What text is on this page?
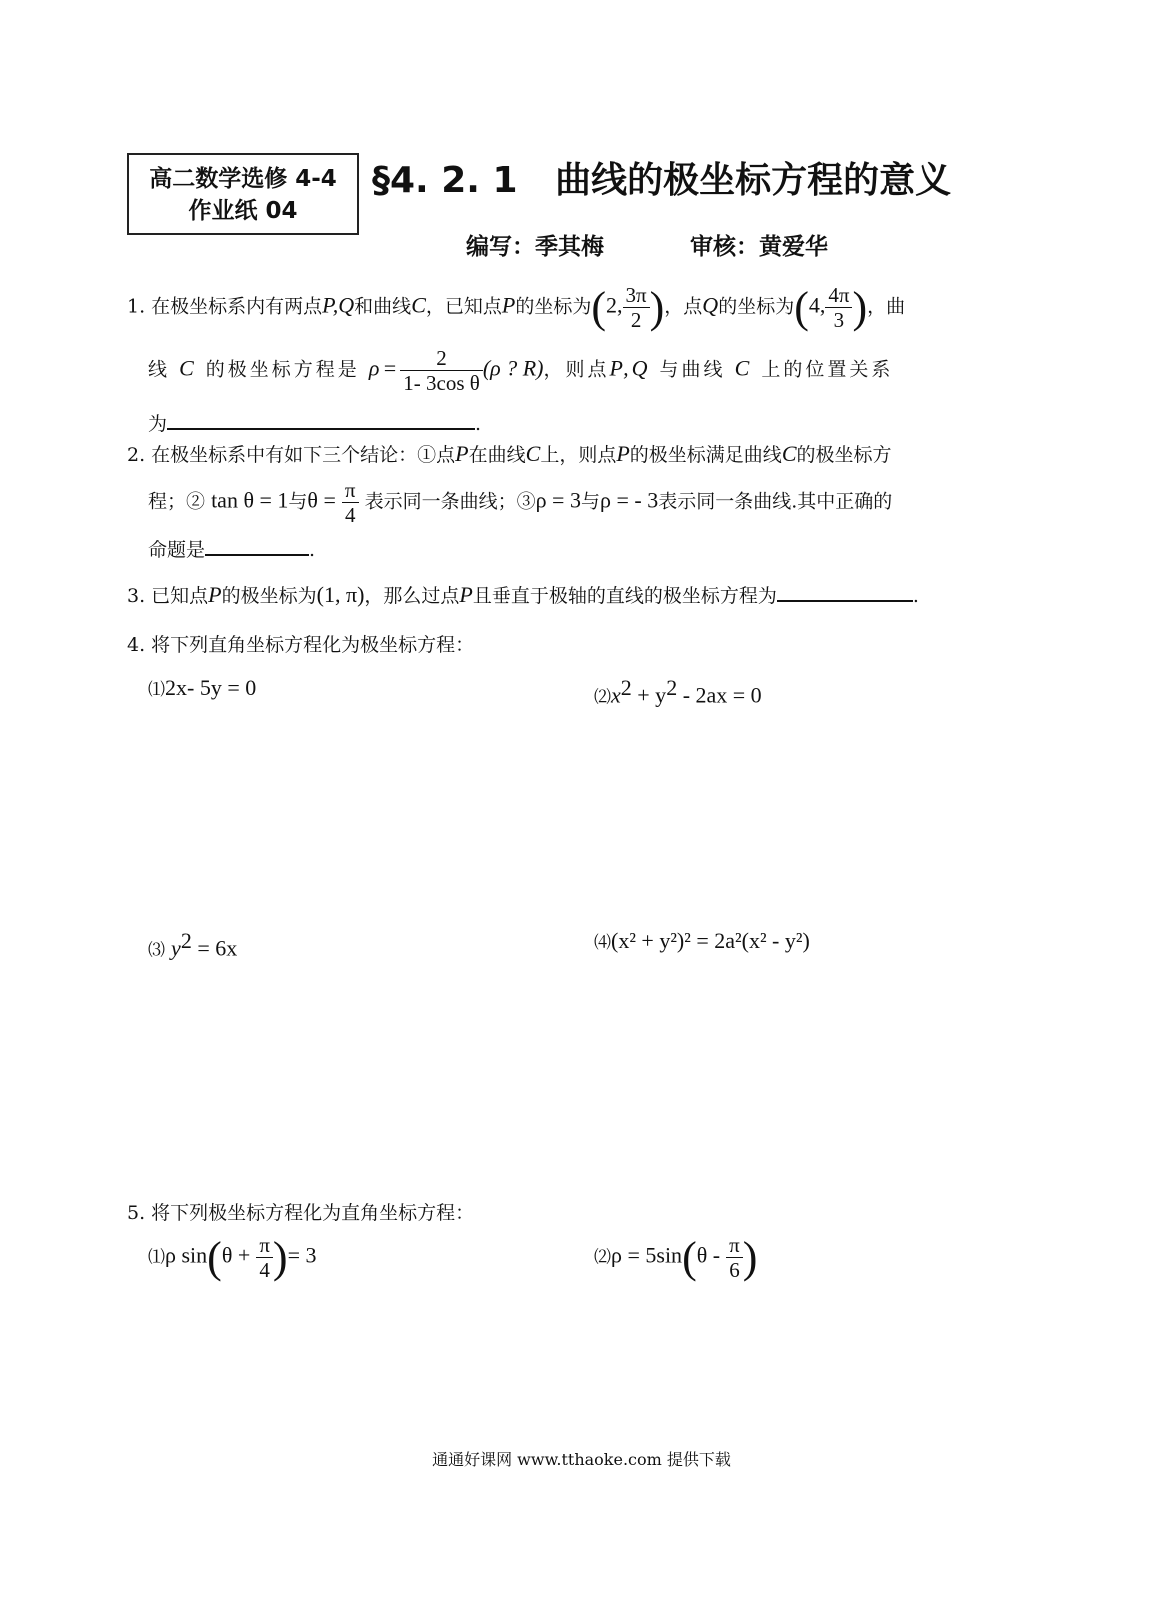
高二数学选修 4-4
作业纸 04
§4. 2. 1   曲线的极坐标方程的意义
编写：季其梅	审核：黄爱华
1. 在极坐标系内有两点P,Q和曲线C，已知点P的坐标为(2, $\frac{3\pi}{2}$ )，点Q的坐标为(4, $\frac{4\pi}{3}$ )，曲
线 C 的极坐标方程是 $\rho= \frac{2}{\text{1- 3cos θ}} (\rho$ ? R)，则点P,Q 与曲线 C 上的位置关系
为	.
2. 在极坐标系中有如下三个结论：①点P在曲线C上，则点P的极坐标满足曲线C的极坐标方
程；② tan θ = 1与$\theta = \frac{\pi}{4}$ 表示同一条曲线；③ρ = 3与ρ = - 3表示同一条曲线.其中正确的
命题是	.
3. 已知点P的极坐标为(1, π)，那么过点P且垂直于极轴的直线的极坐标方程为	.
4. 将下列直角坐标方程化为极坐标方程：
⑴2x- 5y = 0	$⑵x^2 + y^2 - 2ax = 0$
⑶ $y^2 = 6x$	⑷(x² + y²)² = 2a²(x² - y²)
5. 将下列极坐标方程化为直角坐标方程：
⑴ρ $\sin(\theta + \frac{\pi}{4}$ )= 3	⑵ρ = $5\sin(\theta - \frac{\pi}{6}$ )
通通好课网 www.tthaoke.com 提供下载
